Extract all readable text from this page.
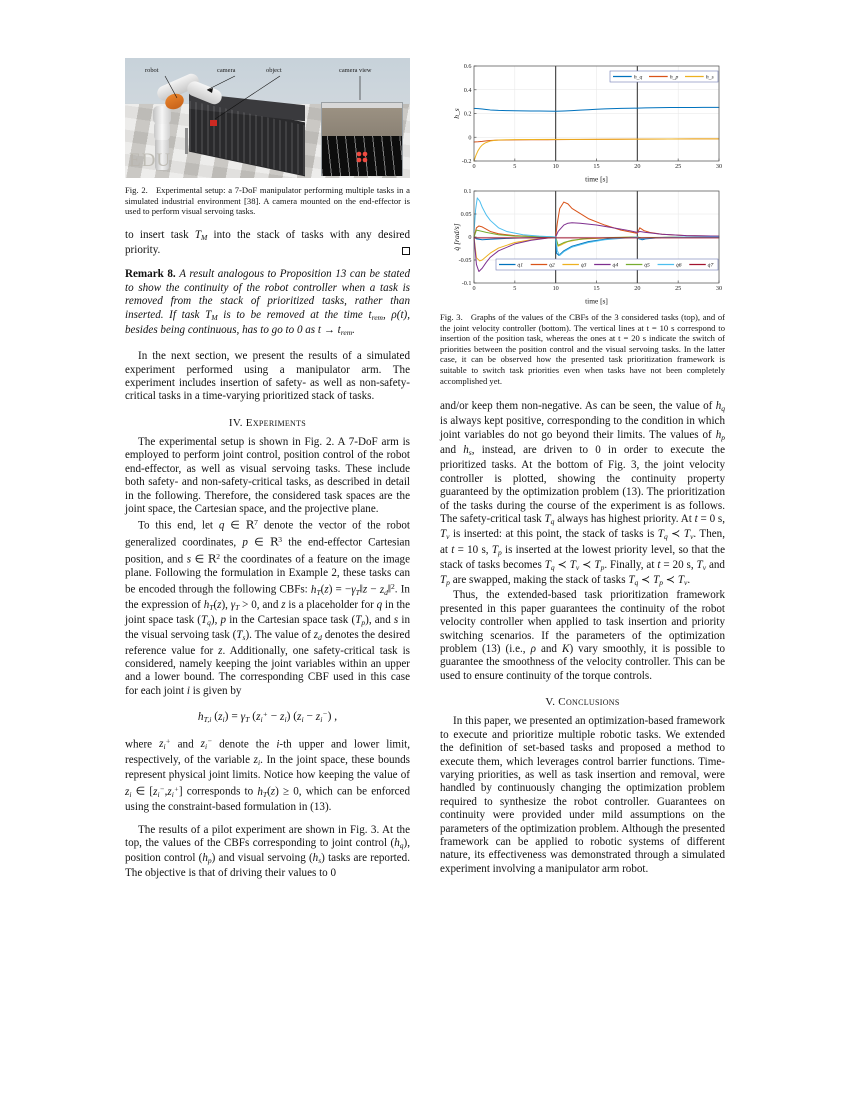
EDU
robot	camera	object	camera view

Fig. 2. Experimental setup: a 7-DoF manipulator performing multiple tasks in a simulated industrial environment [38]. A camera mounted on the end-effector is used to perform visual servoing tasks.

to insert task $T_M$ into the stack of tasks with any desired priority.

Remark 8. A result analogous to Proposition 13 can be stated to show the continuity of the robot controller when a task is removed from the stack of prioritized tasks, rather than inserted. If task $T_M$ is to be removed at the time $t_{rem}$, ρ(t), besides being continuous, has to go to 0 as $t \to t_{rem}$.

In the next section, we present the results of a simulated experiment performed using a manipulator arm. The experiment includes insertion of safety- as well as non-safety-critical tasks in a time-varying prioritized stack of tasks.

IV. Experiments

The experimental setup is shown in Fig. 2. A 7-DoF arm is employed to perform joint control, position control of the robot end-effector, as well as visual servoing tasks. These include both safety- and non-safety-critical tasks, as described in detail in the following. Therefore, the considered task spaces are the joint space, the Cartesian space, and the projective plane.

To this end, let q ∈ $R^7$ denote the vector of the robot generalized coordinates, p ∈ $R^3$ the end-effector Cartesian position, and s ∈ $R^2$ the coordinates of a feature on the image plane. Following the formulation in Example 2, these tasks can be encoded through the following CBFs: $h_T(z)$ = $-\gamma_T‖z$ − $z_d‖^2$. In the expression of $h_T(z)$, $\gamma_T > 0$, and z is a placeholder for q in the joint space task $(T_q)$, p in the Cartesian space task $(T_p)$, and s in the visual servoing task $(T_s)$. The value of $z_d$ denotes the desired reference value for z. Additionally, one safety-critical task is considered, namely keeping the joint variables within an upper and a lower bound. The corresponding CBF used in this case for each joint i is given by

$h_{T,i}$ $(z_i) = \gamma_T$ $(z_i^+ - z_i) (z_i - z_i^-)$ ,

where $z_i^+$ and $z_i^-$ denote the i-th upper and lower limit, respectively, of the variable $z_i$. In the joint space, these bounds represent physical joint limits. Notice how keeping the value of $z_i$ ∈ $[z_i^-,z_i^+]$ corresponds to $h_T(z) \ge 0$, which can be enforced using the constraint-based formulation in (13).

The results of a pilot experiment are shown in Fig. 3. At the top, the values of the CBFs corresponding to joint control $(h_q)$, position control $(h_p)$ and visual servoing $(h_s)$ tasks are reported. The objective is that of driving their values to 0

0	5	10	15	20	25	30
-0.2
0
0.2
0.4
0.6
time [s]
h_s
h_q	h_p	h_s
0	5	10	15	20	25	30
-0.1
-0.05
0
0.05
0.1
time [s]
q̇ [rad/s]
q̇1	q̇2	q̇3	q̇4	q̇5	q̇6	q̇7

Fig. 3. Graphs of the values of the CBFs of the 3 considered tasks (top), and of the joint velocity controller (bottom). The vertical lines at t = 10 s correspond to insertion of the position task, whereas the ones at t = 20 s indicate the switch of priorities between the position control and the visual servoing tasks. In the latter case, it can be observed how the presented task prioritization framework is suitable to switch task priorities even when tasks have not been completely accomplished yet.

and/or keep them non-negative. As can be seen, the value of $h_q$ is always kept positive, corresponding to the condition in which joint variables do not go beyond their limits. The values of $h_p$ and $h_s$, instead, are driven to 0 in order to execute the prioritized tasks. At the bottom of Fig. 3, the joint velocity controller is plotted, showing the continuity property guaranteed by the optimization problem (13). The prioritization of the tasks during the course of the experiment is as follows. The safety-critical task $T_q$ always has highest priority. At t = 0 s, $T_v$ is inserted: at this point, the stack of tasks is $T_q$ ≺ $T_v$. Then, at t = 10 s, $T_p$ is inserted at the lowest priority level, so that the stack of tasks becomes $T_q$ ≺ $T_v$ ≺ $T_p$. Finally, at t = 20 s, $T_v$ and $T_p$ are swapped, making the stack of tasks $T_q$ ≺ $T_p$ ≺ $T_v$.

Thus, the extended-based task prioritization framework presented in this paper guarantees the continuity of the robot velocity controller when applied to task insertion and priority switching scenarios. If the parameters of the optimization problem (13) (i.e., ρ and K) vary smoothly, it is possible to guarantee the smoothness of the velocity controller. This can be used to ensure continuity of the torque controls.

V. Conclusions

In this paper, we presented an optimization-based framework to execute and prioritize multiple robotic tasks. We extended the definition of set-based tasks and proposed a method to execute them, which leverages control barrier functions. Time-varying priorities, as well as task insertion and removal, were handled by continuously changing the optimization problem required to synthesize the robot controller. Guarantees on continuity were provided under mild assumptions on the parameters of the optimization problem. Although the presented framework can be applied to robotic systems of different nature, its effectiveness was demonstrated through a simulated experiment involving a manipulator arm robot.
